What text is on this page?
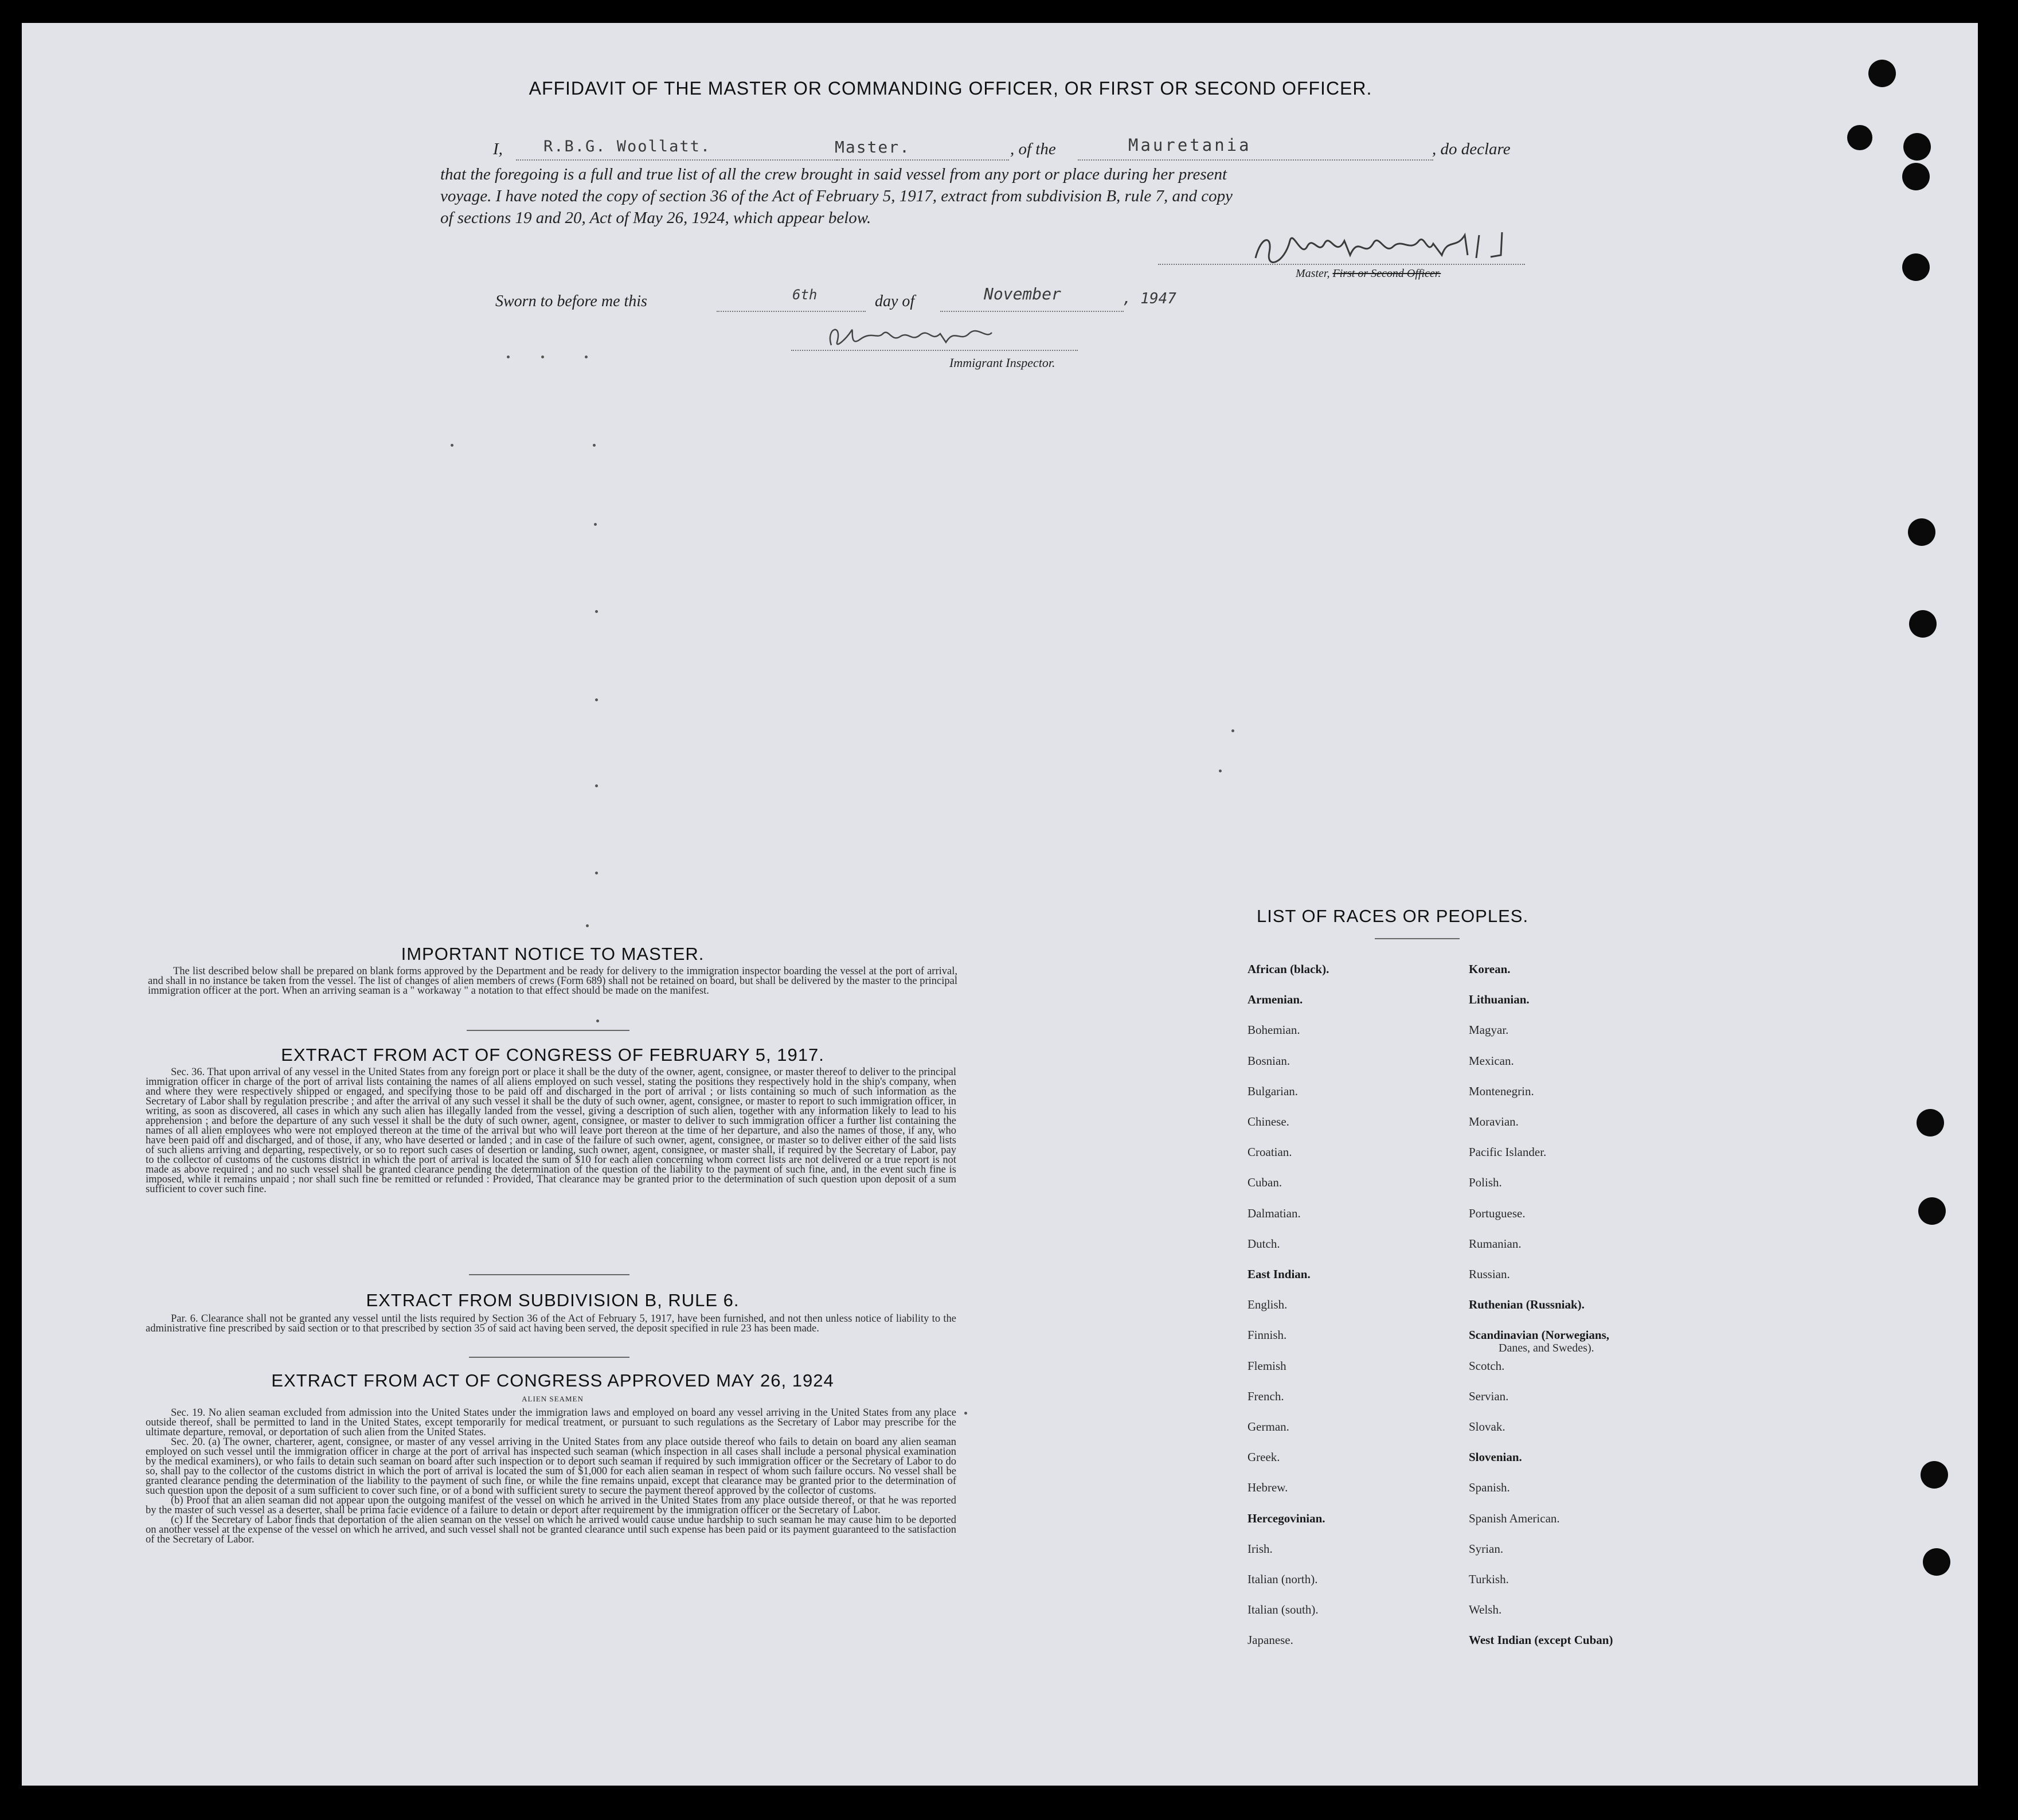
AFFIDAVIT OF THE MASTER OR COMMANDING OFFICER, OR FIRST OR SECOND OFFICER.
I,	R.B.G. Woollatt.	Master.	, of the	Mauretania	, do declare
that the foregoing is a full and true list of all the crew brought in said vessel from any port or place during her present
voyage. I have noted the copy of section 36 of the Act of February 5, 1917, extract from subdivision B, rule 7, and copy
of sections 19 and 20, Act of May 26, 1924, which appear below.
Master, First or Second Officer.
Sworn to before me this	6th	day of	November	, 1947
Immigrant Inspector.
IMPORTANT NOTICE TO MASTER.

The list described below shall be prepared on blank forms approved by the Department and be ready for delivery to the immigration inspector boarding the vessel at the port of arrival, and shall in no instance be taken from the vessel. The list of changes of alien members of crews (Form 689) shall not be retained on board, but shall be delivered by the master to the principal immigration officer at the port. When an arriving seaman is a " workaway " a notation to that effect should be made on the manifest.

EXTRACT FROM ACT OF CONGRESS OF FEBRUARY 5, 1917.

Sec. 36. That upon arrival of any vessel in the United States from any foreign port or place it shall be the duty of the owner, agent, consignee, or master thereof to deliver to the principal immigration officer in charge of the port of arrival lists containing the names of all aliens employed on such vessel, stating the positions they respectively hold in the ship's company, when and where they were respectively shipped or engaged, and specifying those to be paid off and discharged in the port of arrival ; or lists containing so much of such information as the Secretary of Labor shall by regulation prescribe ; and after the arrival of any such vessel it shall be the duty of such owner, agent, consignee, or master to report to such immigration officer, in writing, as soon as discovered, all cases in which any such alien has illegally landed from the vessel, giving a description of such alien, together with any information likely to lead to his apprehension ; and before the departure of any such vessel it shall be the duty of such owner, agent, consignee, or master to deliver to such immigration officer a further list containing the names of all alien employees who were not employed thereon at the time of the arrival but who will leave port thereon at the time of her departure, and also the names of those, if any, who have been paid off and discharged, and of those, if any, who have deserted or landed ; and in case of the failure of such owner, agent, consignee, or master so to deliver either of the said lists of such aliens arriving and departing, respectively, or so to report such cases of desertion or landing, such owner, agent, consignee, or master shall, if required by the Secretary of Labor, pay to the collector of customs of the customs district in which the port of arrival is located the sum of $10 for each alien concerning whom correct lists are not delivered or a true report is not made as above required ; and no such vessel shall be granted clearance pending the determination of the question of the liability to the payment of such fine, and, in the event such fine is imposed, while it remains unpaid ; nor shall such fine be remitted or refunded : Provided, That clearance may be granted prior to the determination of such question upon deposit of a sum sufficient to cover such fine.

EXTRACT FROM SUBDIVISION B, RULE 6.

Par. 6. Clearance shall not be granted any vessel until the lists required by Section 36 of the Act of February 5, 1917, have been furnished, and not then unless notice of liability to the administrative fine prescribed by said section or to that prescribed by section 35 of said act having been served, the deposit specified in rule 23 has been made.

EXTRACT FROM ACT OF CONGRESS APPROVED MAY 26, 1924
ALIEN SEAMEN

Sec. 19. No alien seaman excluded from admission into the United States under the immigration laws and employed on board any vessel arriving in the United States from any place outside thereof, shall be permitted to land in the United States, except temporarily for medical treatment, or pursuant to such regulations as the Secretary of Labor may prescribe for the ultimate departure, removal, or deportation of such alien from the United States.

Sec. 20. (a) The owner, charterer, agent, consignee, or master of any vessel arriving in the United States from any place outside thereof who fails to detain on board any alien seaman employed on such vessel until the immigration officer in charge at the port of arrival has inspected such seaman (which inspection in all cases shall include a personal physical examination by the medical examiners), or who fails to detain such seaman on board after such inspection or to deport such seaman if required by such immigration officer or the Secretary of Labor to do so, shall pay to the collector of the customs district in which the port of arrival is located the sum of $1,000 for each alien seaman in respect of whom such failure occurs. No vessel shall be granted clearance pending the determination of the liability to the payment of such fine, or while the fine remains unpaid, except that clearance may be granted prior to the determination of such question upon the deposit of a sum sufficient to cover such fine, or of a bond with sufficient surety to secure the payment thereof approved by the collector of customs.

(b) Proof that an alien seaman did not appear upon the outgoing manifest of the vessel on which he arrived in the United States from any place outside thereof, or that he was reported by the master of such vessel as a deserter, shall be prima facie evidence of a failure to detain or deport after requirement by the immigration officer or the Secretary of Labor.

(c) If the Secretary of Labor finds that deportation of the alien seaman on the vessel on which he arrived would cause undue hardship to such seaman he may cause him to be deported on another vessel at the expense of the vessel on which he arrived, and such vessel shall not be granted clearance until such expense has been paid or its payment guaranteed to the satisfaction of the Secretary of Labor.

LIST OF RACES OR PEOPLES.
African (black).
Armenian.
Bohemian.
Bosnian.
Bulgarian.
Chinese.
Croatian.
Cuban.
Dalmatian.
Dutch.
East Indian.
English.
Finnish.
Flemish
French.
German.
Greek.
Hebrew.
Hercegovinian.
Irish.
Italian (north).
Italian (south).
Japanese.
Korean.
Lithuanian.
Magyar.
Mexican.
Montenegrin.
Moravian.
Pacific Islander.
Polish.
Portuguese.
Rumanian.
Russian.
Ruthenian (Russniak).
Scandinavian (Norwegians,
Scotch.
Servian.
Slovak.
Slovenian.
Spanish.
Spanish American.
Syrian.
Turkish.
Welsh.
West Indian (except Cuban)
Danes, and Swedes).
